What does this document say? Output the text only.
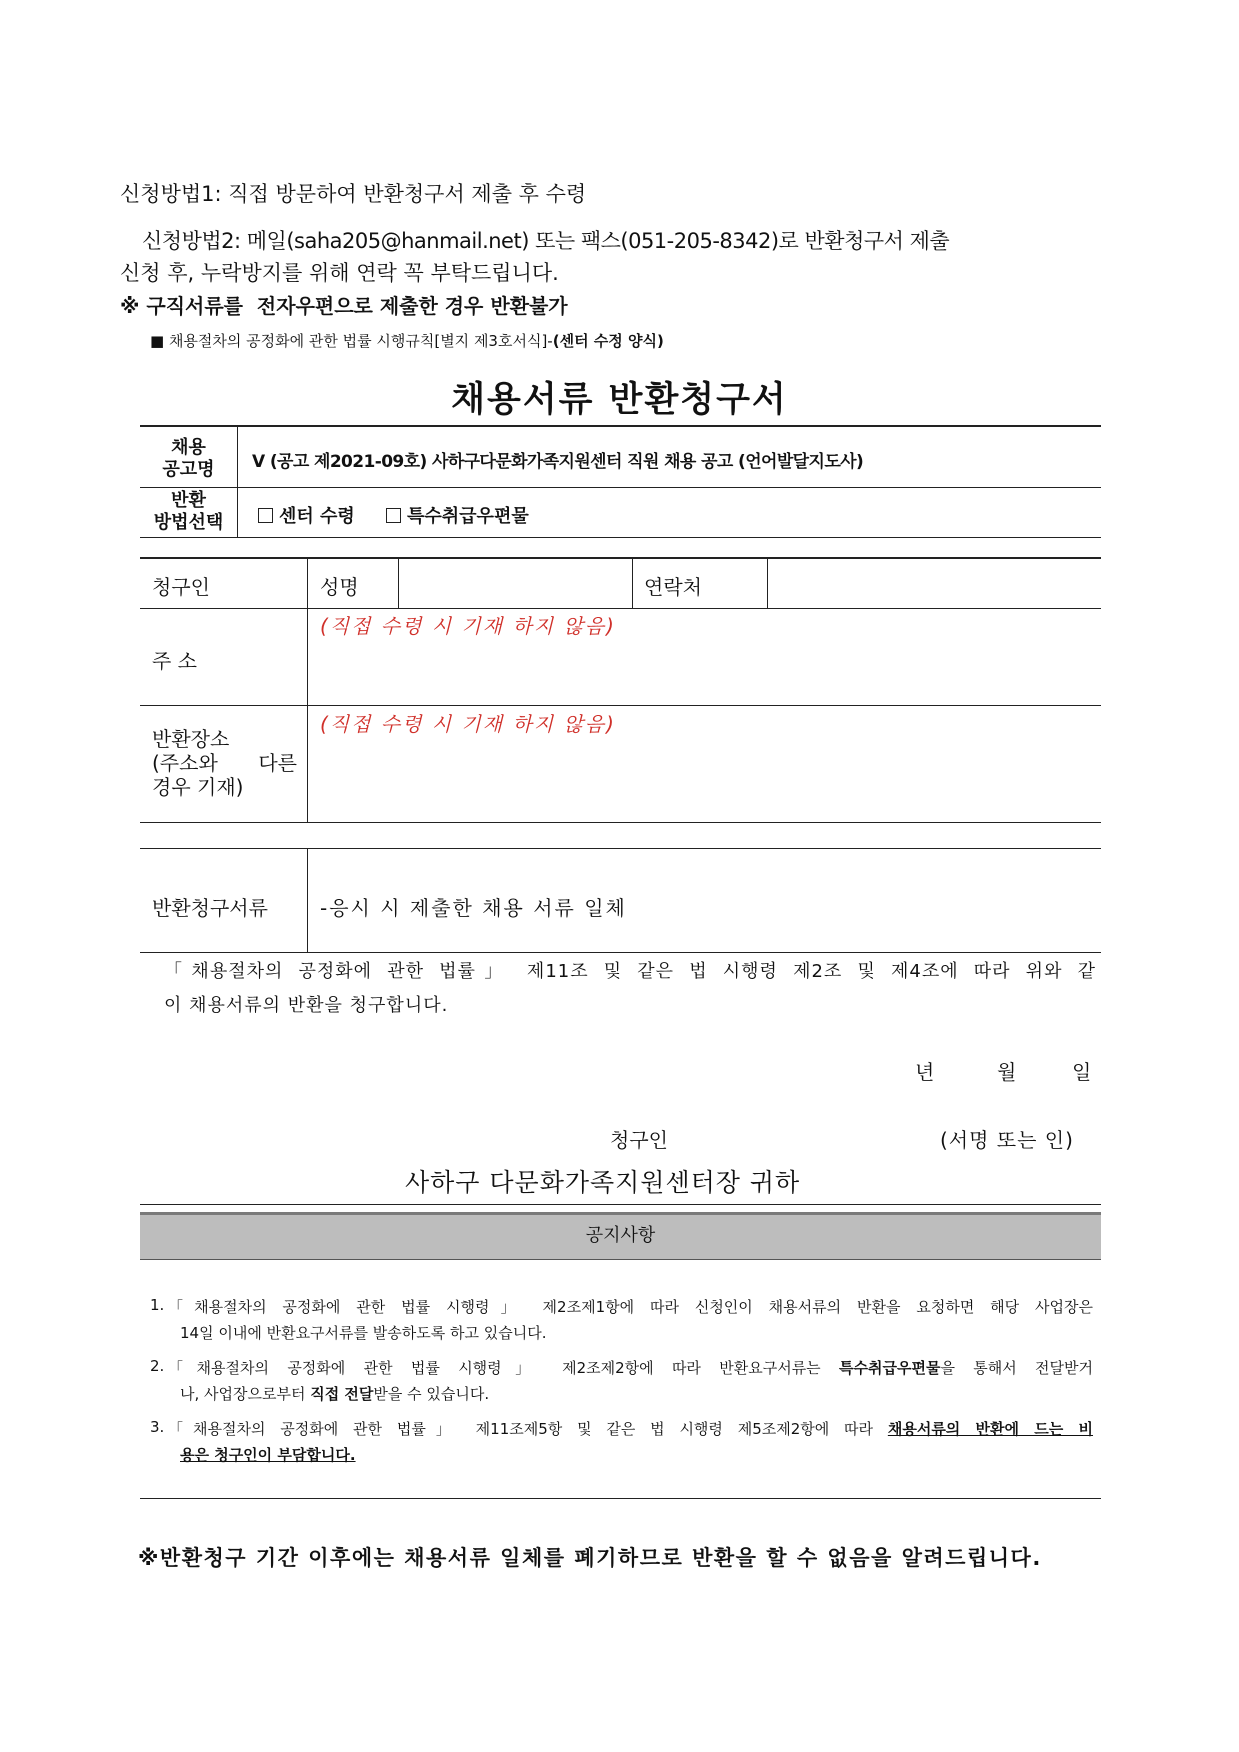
신청방법1: 직접 방문하여 반환청구서 제출 후 수령
신청방법2: 메일(saha205@hanmail.net) 또는 팩스(051-205-8342)로 반환청구서 제출
신청 후, 누락방지를 위해 연락 꼭 부탁드립니다.
※ 구직서류를  전자우편으로 제출한 경우 반환불가
■ 채용절차의 공정화에 관한 법률 시행규칙[별지 제3호서식]-(센터 수정 양식)
채용서류 반환청구서
채용
공고명	V (공고 제2021-09호) 사하구다문화가족지원센터 직원 채용 공고 (언어발달지도사)
반환
방법선택	센터 수령	특수취급우편물
청구인	성명	연락처
주 소
(직접 수령 시 기재 하지 않음)
반환장소
(주소와 다른
경우 기재)
(직접 수령 시 기재 하지 않음)
반환청구서류	-응시 시 제출한 채용 서류 일체
「채용절차의 공정화에 관한 법률」 제11조 및 같은 법 시행령 제2조 및 제4조에 따라 위와 같
이 채용서류의 반환을 청구합니다.
년	월	일
청구인	(서명 또는 인)
사하구 다문화가족지원센터장 귀하
공지사항
1. 「채용절차의 공정화에 관한 법률 시행령」 제2조제1항에 따라 신청인이 채용서류의 반환을 요청하면 해당 사업장은
14일 이내에 반환요구서류를 발송하도록 하고 있습니다.
2. 「채용절차의 공정화에 관한 법률 시행령」 제2조제2항에 따라 반환요구서류는 특수취급우편물을 통해서 전달받거
나, 사업장으로부터 직접 전달받을 수 있습니다.
3. 「채용절차의 공정화에 관한 법률」 제11조제5항 및 같은 법 시행령 제5조제2항에 따라 채용서류의 반환에 드는 비
용은 청구인이 부담합니다.
※반환청구 기간 이후에는 채용서류 일체를 폐기하므로 반환을 할 수 없음을 알려드립니다.
